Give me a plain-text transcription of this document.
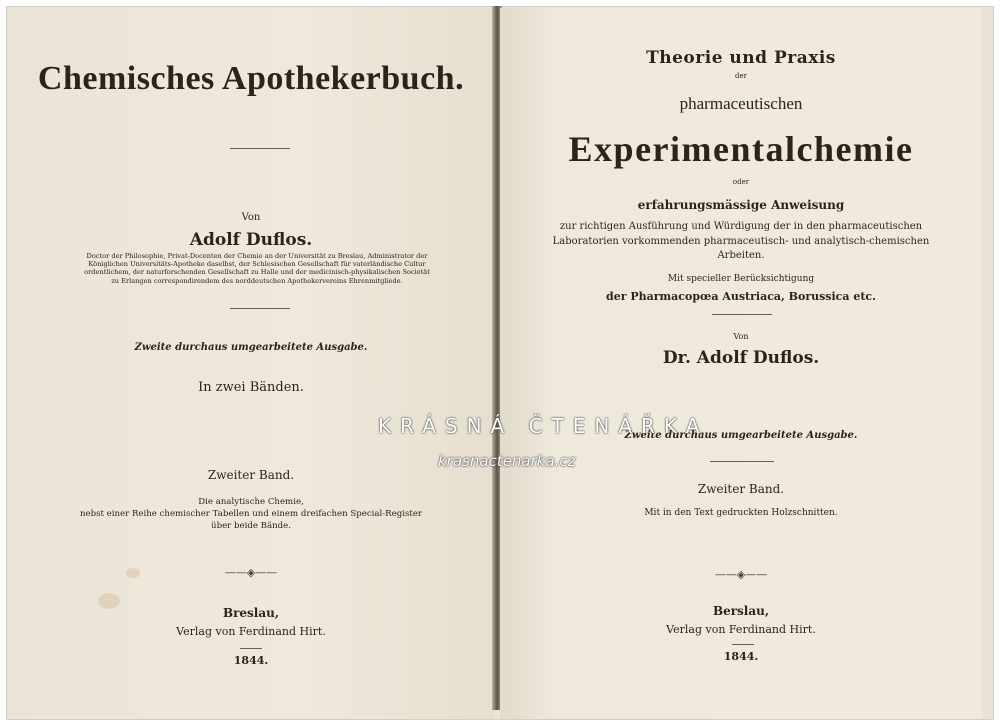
Chemisches Apothekerbuch.
Von
Adolf Duflos.
Doctor der Philosophie, Privat-Docenten der Chemie an der Universität zu Breslau, Administrator der
Königlichen Universitäts-Apotheke daselbst, der Schlesischen Gesellschaft für vaterländische Cultur
ordentlichem, der naturforschenden Gesellschaft zu Halle und der medicinisch-physikalischen Societät
zu Erlangen correspondirendem des norddeutschen Apothekervereins Ehrenmitgliede.
Zweite durchaus umgearbeitete Ausgabe.
In zwei Bänden.
Zweiter Band.
Die analytische Chemie,
nebst einer Reihe chemischer Tabellen und einem dreifachen Special-Register
über beide Bände.
——◈——
Breslau,
Verlag von Ferdinand Hirt.
1844.
Theorie und Praxis
der
pharmaceutischen
Experimentalchemie
oder
erfahrungsmässige Anweisung
zur richtigen Ausführung und Würdigung der in den pharmaceutischen
Laboratorien vorkommenden pharmaceutisch- und analytisch-chemischen
Arbeiten.
Mit specieller Berücksichtigung
der Pharmacopœa Austriaca, Borussica etc.
Von
Dr. Adolf Duflos.
Zweite durchaus umgearbeitete Ausgabe.
Zweiter Band.
Mit in den Text gedruckten Holzschnitten.
——◈——
Berslau,
Verlag von Ferdinand Hirt.
1844.
KRÁSNÁ ČTENÁŘKA
krasnactenarka.cz
